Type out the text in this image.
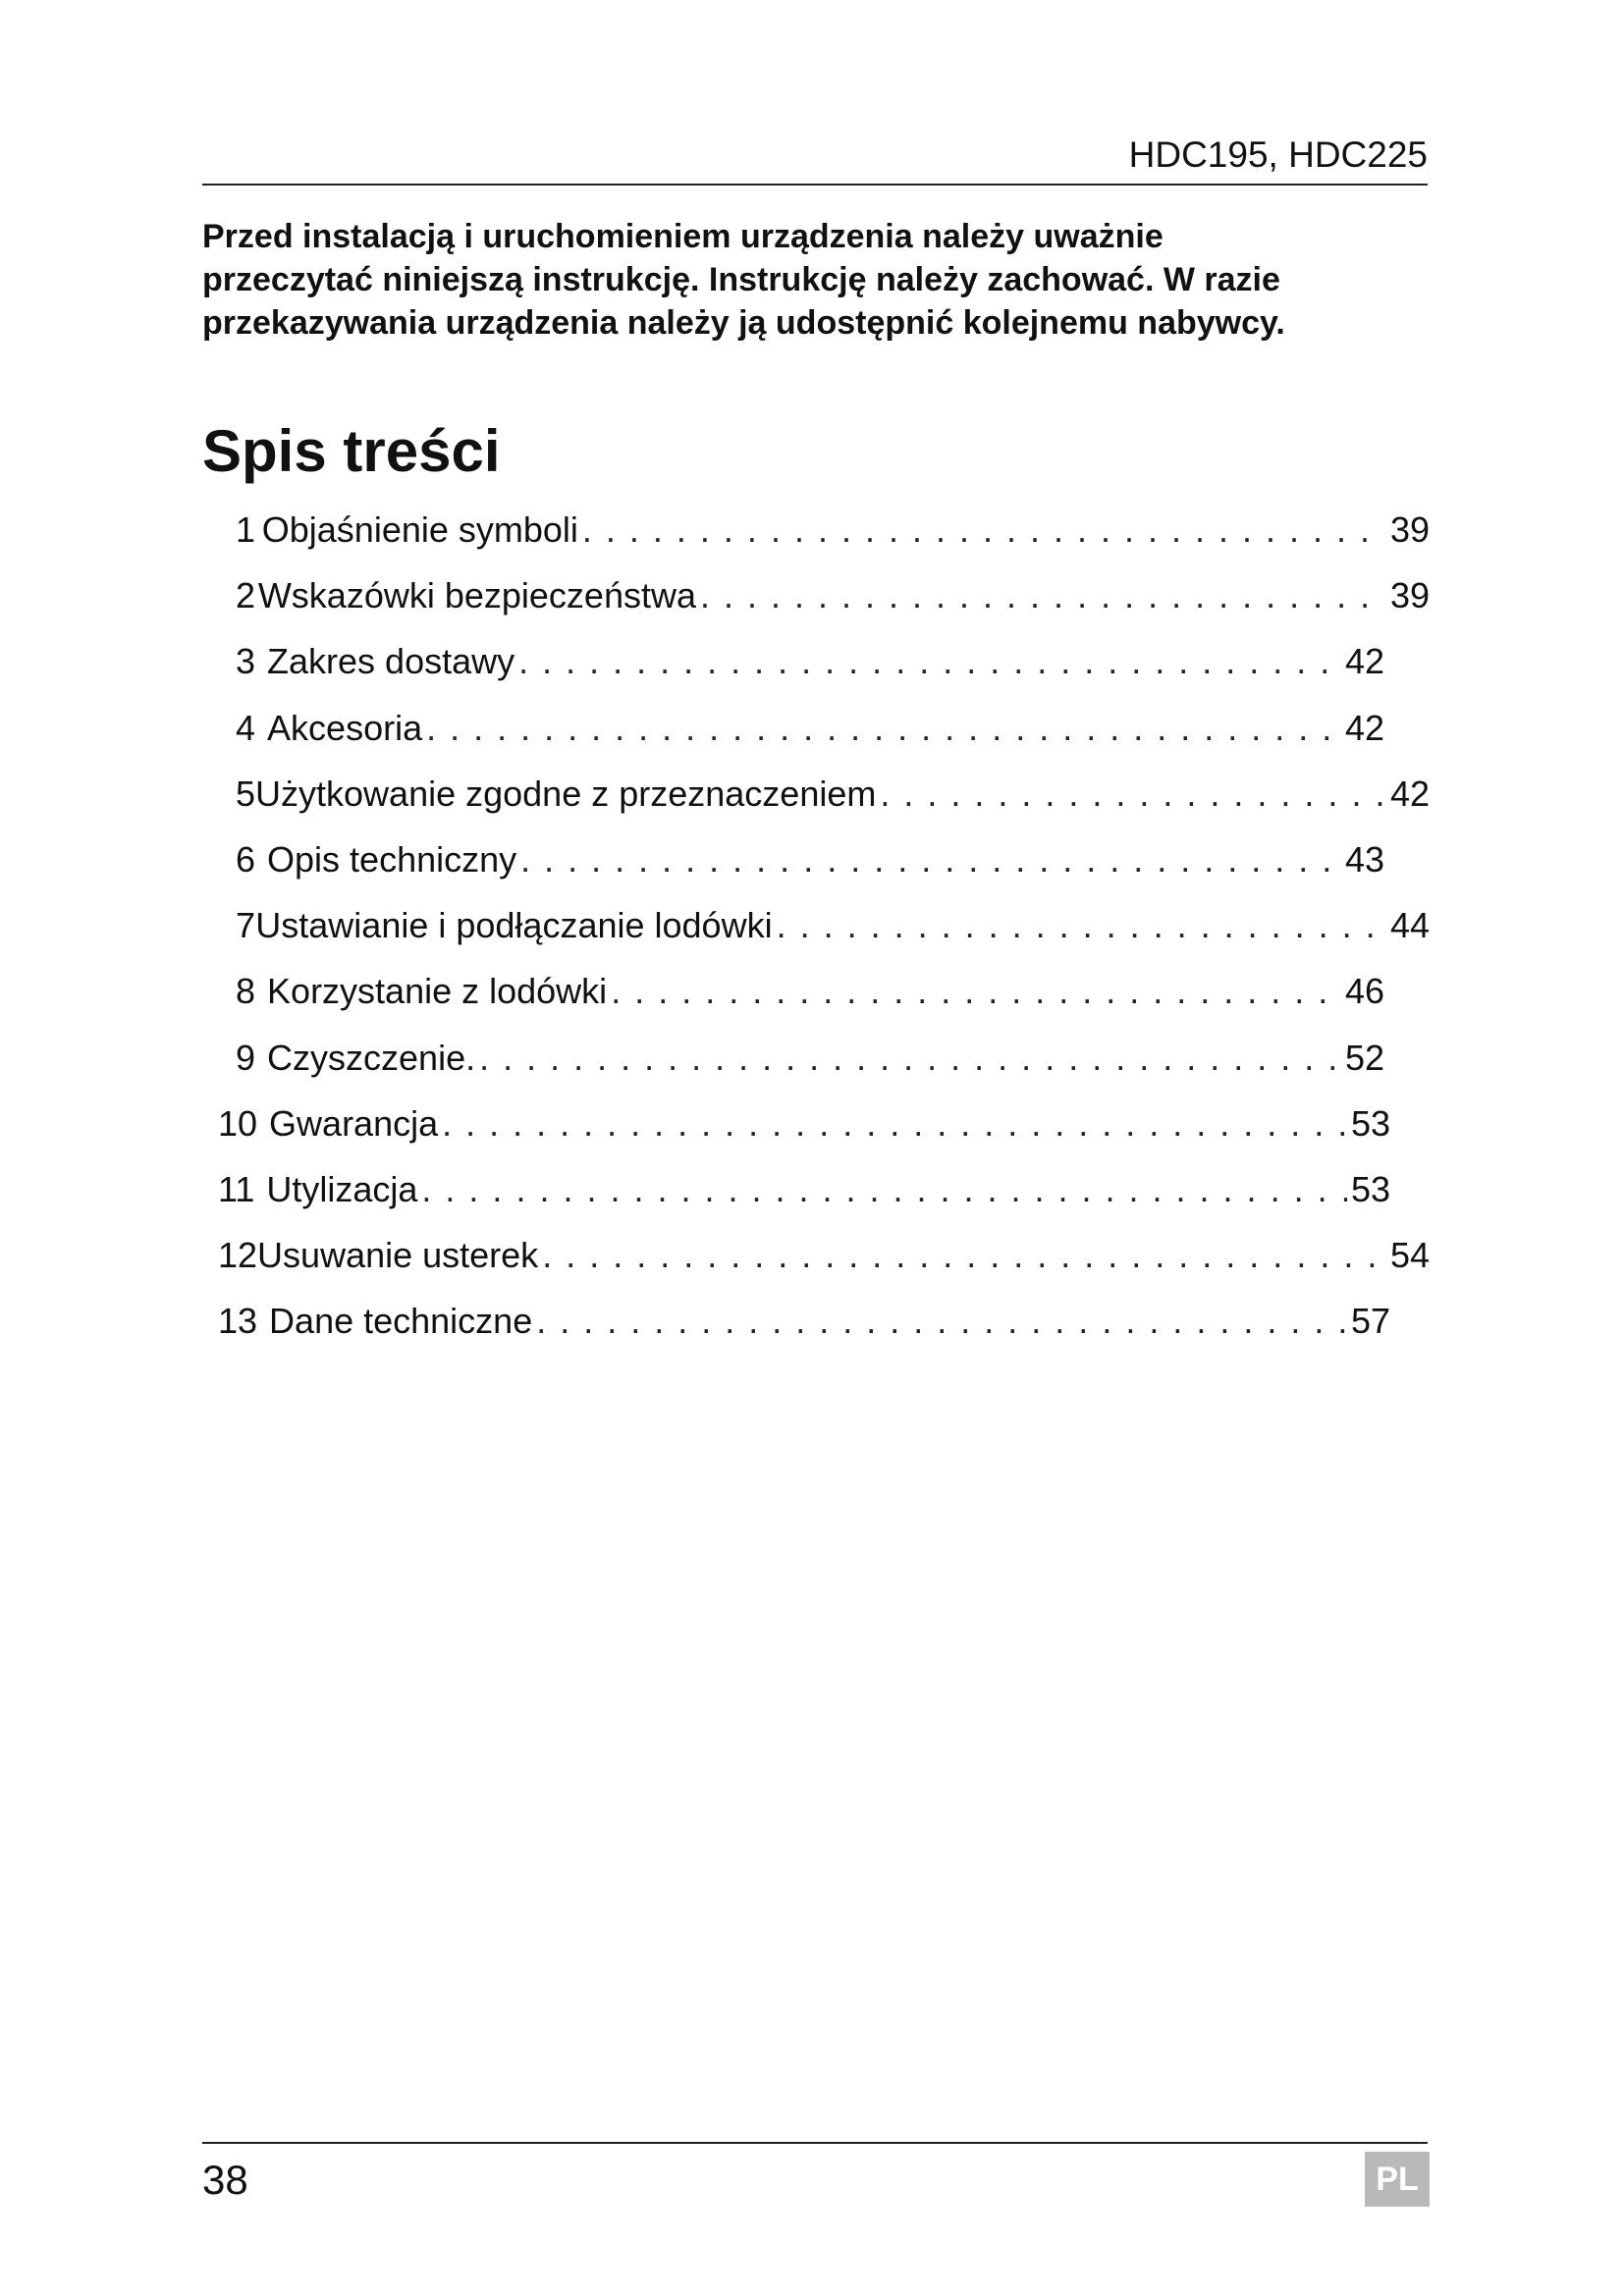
HDC195, HDC225

Przed instalacją i uruchomieniem urządzenia należy uważnie
przeczytać niniejszą instrukcję. Instrukcję należy zachować. W razie
przekazywania urządzenia należy ją udostępnić kolejnemu nabywcy.

Spis treści
1 Objaśnienie symboli . . .	39
2 Wskazówki bezpieczeństwa . . .	39
3 Zakres dostawy . . .	42
4 Akcesoria . . .	42
5 Użytkowanie zgodne z przeznaczeniem . . .	42
6 Opis techniczny . . .	43
7 Ustawianie i podłączanie lodówki . . .	44
8 Korzystanie z lodówki . . .	46
9 Czyszczenie. . . .	52
10 Gwarancja . . .	53
11 Utylizacja . . .	53
12 Usuwanie usterek . . .	54
13 Dane techniczne . . .	57
38	PL
